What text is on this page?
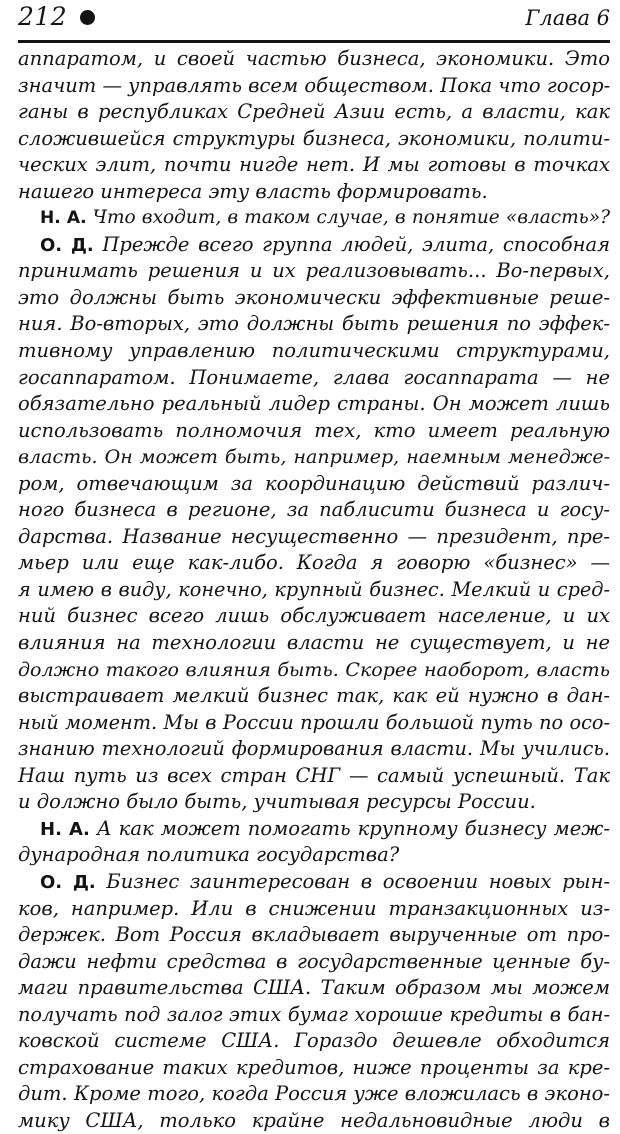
212	Глава 6
аппаратом, и своей частью бизнеса, экономики. Это
значит — управлять всем обществом. Пока что госор-
ганы в республиках Средней Азии есть, а власти, как
сложившейся структуры бизнеса, экономики, полити-
ческих элит, почти нигде нет. И мы готовы в точках
нашего интереса эту власть формировать.
Н. А. Что входит, в таком случае, в понятие «власть»?
О. Д. Прежде всего группа людей, элита, способная
принимать решения и их реализовывать... Во-первых,
это должны быть экономически эффективные реше-
ния. Во-вторых, это должны быть решения по эффек-
тивному управлению политическими структурами,
госаппаратом. Понимаете, глава госаппарата — не
обязательно реальный лидер страны. Он может лишь
использовать полномочия тех, кто имеет реальную
власть. Он может быть, например, наемным менедже-
ром, отвечающим за координацию действий различ-
ного бизнеса в регионе, за паблисити бизнеса и госу-
дарства. Название несущественно — президент, пре-
мьер или еще как-либо. Когда я говорю «бизнес» —
я имею в виду, конечно, крупный бизнес. Мелкий и сред-
ний бизнес всего лишь обслуживает население, и их
влияния на технологии власти не существует, и не
должно такого влияния быть. Скорее наоборот, власть
выстраивает мелкий бизнес так, как ей нужно в дан-
ный момент. Мы в России прошли большой путь по осо-
знанию технологий формирования власти. Мы учились.
Наш путь из всех стран СНГ — самый успешный. Так
и должно было быть, учитывая ресурсы России.
Н. А. А как может помогать крупному бизнесу меж-
дународная политика государства?
О. Д. Бизнес заинтересован в освоении новых рын-
ков, например. Или в снижении транзакционных из-
держек. Вот Россия вкладывает вырученные от про-
дажи нефти средства в государственные ценные бу-
маги правительства США. Таким образом мы можем
получать под залог этих бумаг хорошие кредиты в бан-
ковской системе США. Гораздо дешевле обходится
страхование таких кредитов, ниже проценты за кре-
дит. Кроме того, когда Россия уже вложилась в эконо-
мику США, только крайне недальновидные люди в
